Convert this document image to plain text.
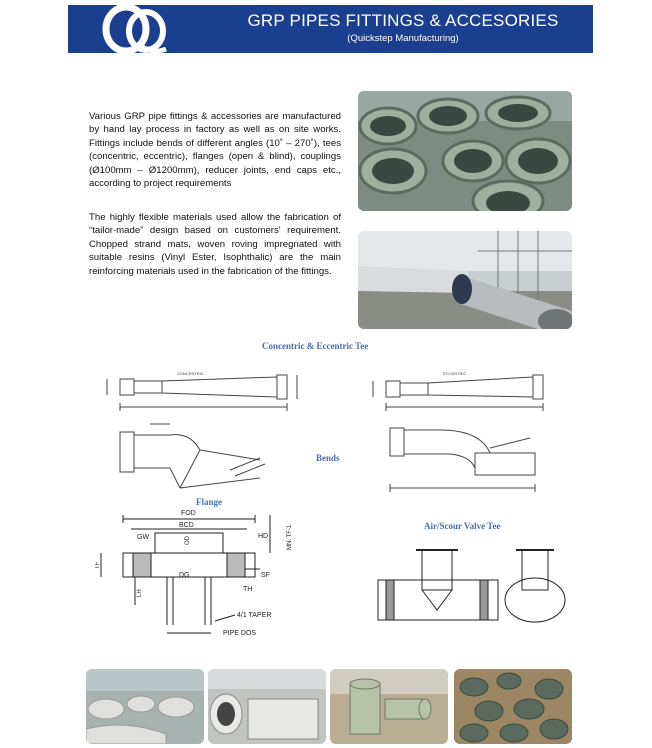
GRP PIPES FITTINGS & ACCESORIES
(Quickstep Manufacturing)

Various GRP pipe fittings & accessories are manufactured by hand lay process in factory as well as on site works. Fittings include bends of different angles (10˚ – 270˚), tees (concentric, eccentric), flanges (open & blind), couplings (Ø100mm – Ø1200mm), reducer joints, end caps etc., according to project requirements

The highly flexible materials used allow the fabrication of “tailor-made” design based on customers' requirement. Chopped strand mats, woven roving impregnated with suitable resins (Vinyl Ester, Isophthalic) are the main reinforcing materials used in the fabrication of the fittings.

Concentric & Eccentric Tee
Bends
Flange
Air/Scour Valve Tee
CONCENTRIC	ECCENTRIC
FOD
BCD
GW	OD	HD	MN. TF-1
TF
LH
DG	SF
TH
4/1 TAPER
PIPE DOS
